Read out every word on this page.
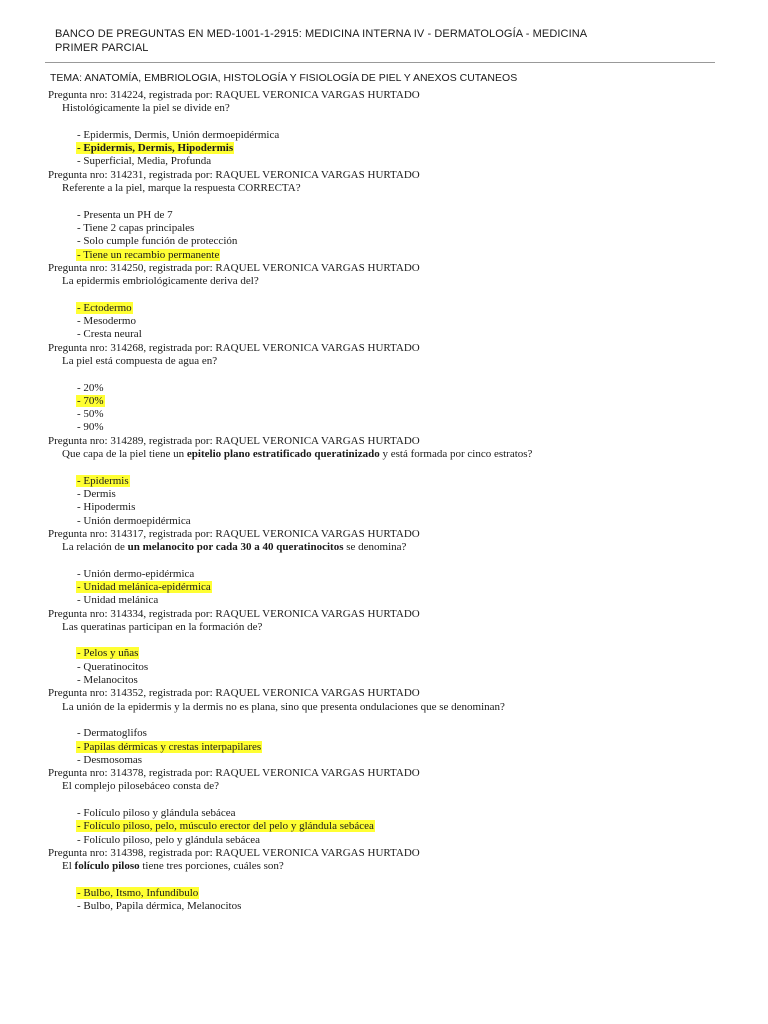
BANCO DE PREGUNTAS EN MED-1001-1-2915: MEDICINA INTERNA IV - DERMATOLOGÍA - MEDICINA
PRIMER PARCIAL
TEMA: ANATOMÍA, EMBRIOLOGIA, HISTOLOGÍA Y FISIOLOGÍA DE PIEL Y ANEXOS CUTANEOS
Pregunta nro: 314224, registrada por: RAQUEL VERONICA VARGAS HURTADO
Histológicamente la piel se divide en?
- Epidermis, Dermis, Unión dermoepidérmica
- Epidermis, Dermis, Hipodermis
- Superficial, Media, Profunda
Pregunta nro: 314231, registrada por: RAQUEL VERONICA VARGAS HURTADO
Referente a la piel, marque la respuesta CORRECTA?
- Presenta un PH de 7
- Tiene 2 capas principales
- Solo cumple función de protección
- Tiene un recambio permanente
Pregunta nro: 314250, registrada por: RAQUEL VERONICA VARGAS HURTADO
La epidermis embriológicamente deriva del?
- Ectodermo
- Mesodermo
- Cresta neural
Pregunta nro: 314268, registrada por: RAQUEL VERONICA VARGAS HURTADO
La piel está compuesta de agua en?
- 20%
- 70%
- 50%
- 90%
Pregunta nro: 314289, registrada por: RAQUEL VERONICA VARGAS HURTADO
Que capa de la piel tiene un epitelio plano estratificado queratinizado y está formada por cinco estratos?
- Epidermis
- Dermis
- Hipodermis
- Unión dermoepidérmica
Pregunta nro: 314317, registrada por: RAQUEL VERONICA VARGAS HURTADO
La relación de un melanocito por cada 30 a 40 queratinocitos se denomina?
- Unión dermo-epidérmica
- Unidad melánica-epidérmica
- Unidad melánica
Pregunta nro: 314334, registrada por: RAQUEL VERONICA VARGAS HURTADO
Las queratinas participan en la formación de?
- Pelos y uñas
- Queratinocitos
- Melanocitos
Pregunta nro: 314352, registrada por: RAQUEL VERONICA VARGAS HURTADO
La unión de la epidermis y la dermis no es plana, sino que presenta ondulaciones que se denominan?
- Dermatoglifos
- Papilas dérmicas y crestas interpapilares
- Desmosomas
Pregunta nro: 314378, registrada por: RAQUEL VERONICA VARGAS HURTADO
El complejo pilosebáceo consta de?
- Folículo piloso y glándula sebácea
- Folículo piloso, pelo, músculo erector del pelo y glándula sebácea
- Folículo piloso, pelo y glándula sebácea
Pregunta nro: 314398, registrada por: RAQUEL VERONICA VARGAS HURTADO
El folículo piloso tiene tres porciones, cuáles son?
- Bulbo, Itsmo, Infundíbulo
- Bulbo, Papila dérmica, Melanocitos
